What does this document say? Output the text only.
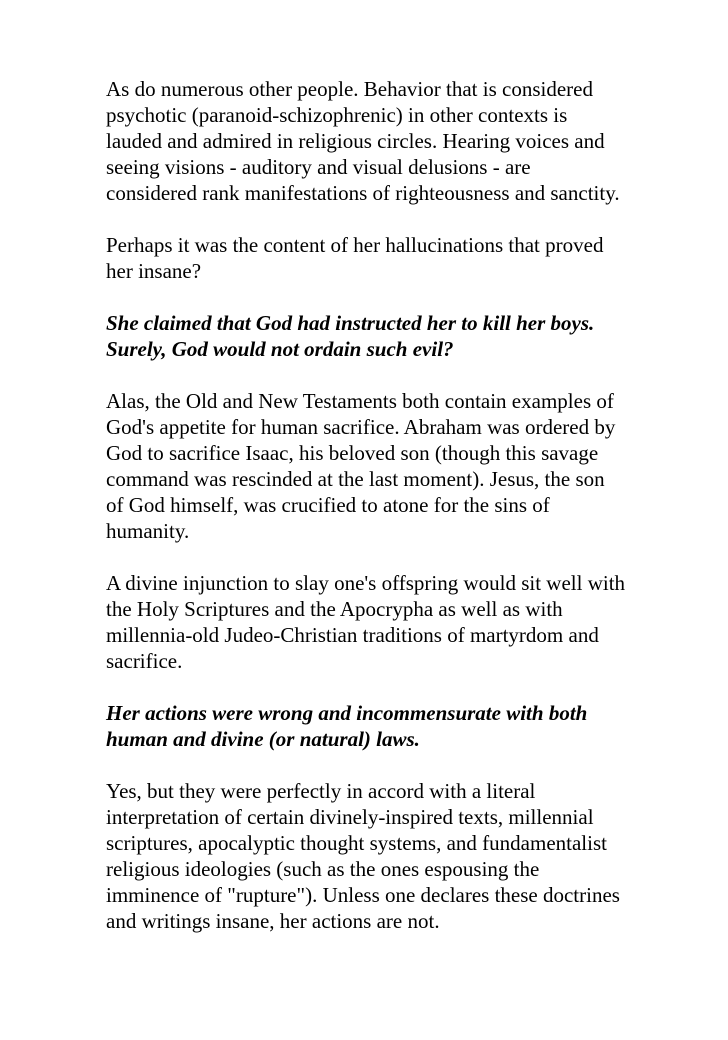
As do numerous other people. Behavior that is considered psychotic (paranoid-schizophrenic) in other contexts is lauded and admired in religious circles. Hearing voices and seeing visions - auditory and visual delusions - are considered rank manifestations of righteousness and sanctity.

Perhaps it was the content of her hallucinations that proved her insane?

She claimed that God had instructed her to kill her boys. Surely, God would not ordain such evil?

Alas, the Old and New Testaments both contain examples of God's appetite for human sacrifice. Abraham was ordered by God to sacrifice Isaac, his beloved son (though this savage command was rescinded at the last moment). Jesus, the son of God himself, was crucified to atone for the sins of humanity.

A divine injunction to slay one's offspring would sit well with the Holy Scriptures and the Apocrypha as well as with millennia-old Judeo-Christian traditions of martyrdom and sacrifice.

Her actions were wrong and incommensurate with both human and divine (or natural) laws.

Yes, but they were perfectly in accord with a literal interpretation of certain divinely-inspired texts, millennial scriptures, apocalyptic thought systems, and fundamentalist religious ideologies (such as the ones espousing the imminence of "rupture"). Unless one declares these doctrines and writings insane, her actions are not.
